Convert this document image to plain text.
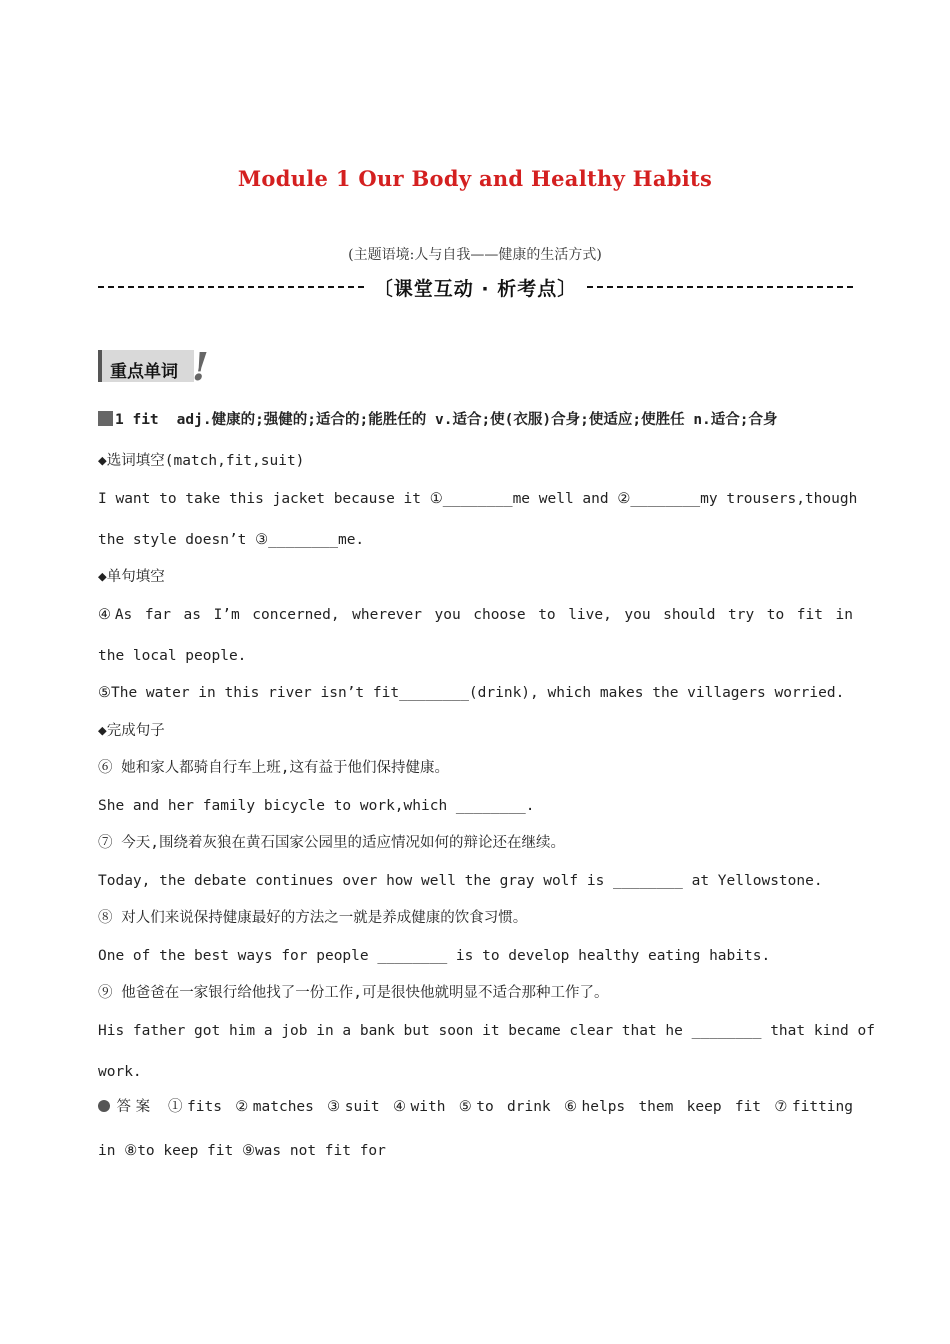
Module 1 Our Body and Healthy Habits
(主题语境:人与自我——健康的生活方式)
〔课堂互动 · 析考点〕
重点单词 !
1 fit adj.健康的;强健的;适合的;能胜任的 v.适合;使(衣服)合身;使适应;使胜任 n.适合;合身
◆选词填空(match,fit,suit)
I want to take this jacket because it ①________me well and ②________my trousers,though
the style doesn’t ③________me.
◆单句填空
④As far as I’m concerned, wherever you choose to live, you should try to fit in
the local people.
⑤The water in this river isn’t fit________(drink), which makes the villagers worried.
◆完成句子
⑥ 她和家人都骑自行车上班,这有益于他们保持健康。
She and her family bicycle to work,which ________.
⑦ 今天,围绕着灰狼在黄石国家公园里的适应情况如何的辩论还在继续。
Today, the debate continues over how well the gray wolf is ________ at Yellowstone.
⑧ 对人们来说保持健康最好的方法之一就是养成健康的饮食习惯。
One of the best ways for people ________ is to develop healthy eating habits.
⑨ 他爸爸在一家银行给他找了一份工作,可是很快他就明显不适合那种工作了。
His father got him a job in a bank but soon it became clear that he ________ that kind of
work.
答案 ①fits ②matches ③suit ④with ⑤to drink ⑥helps them keep fit ⑦fitting
in ⑧to keep fit ⑨was not fit for
